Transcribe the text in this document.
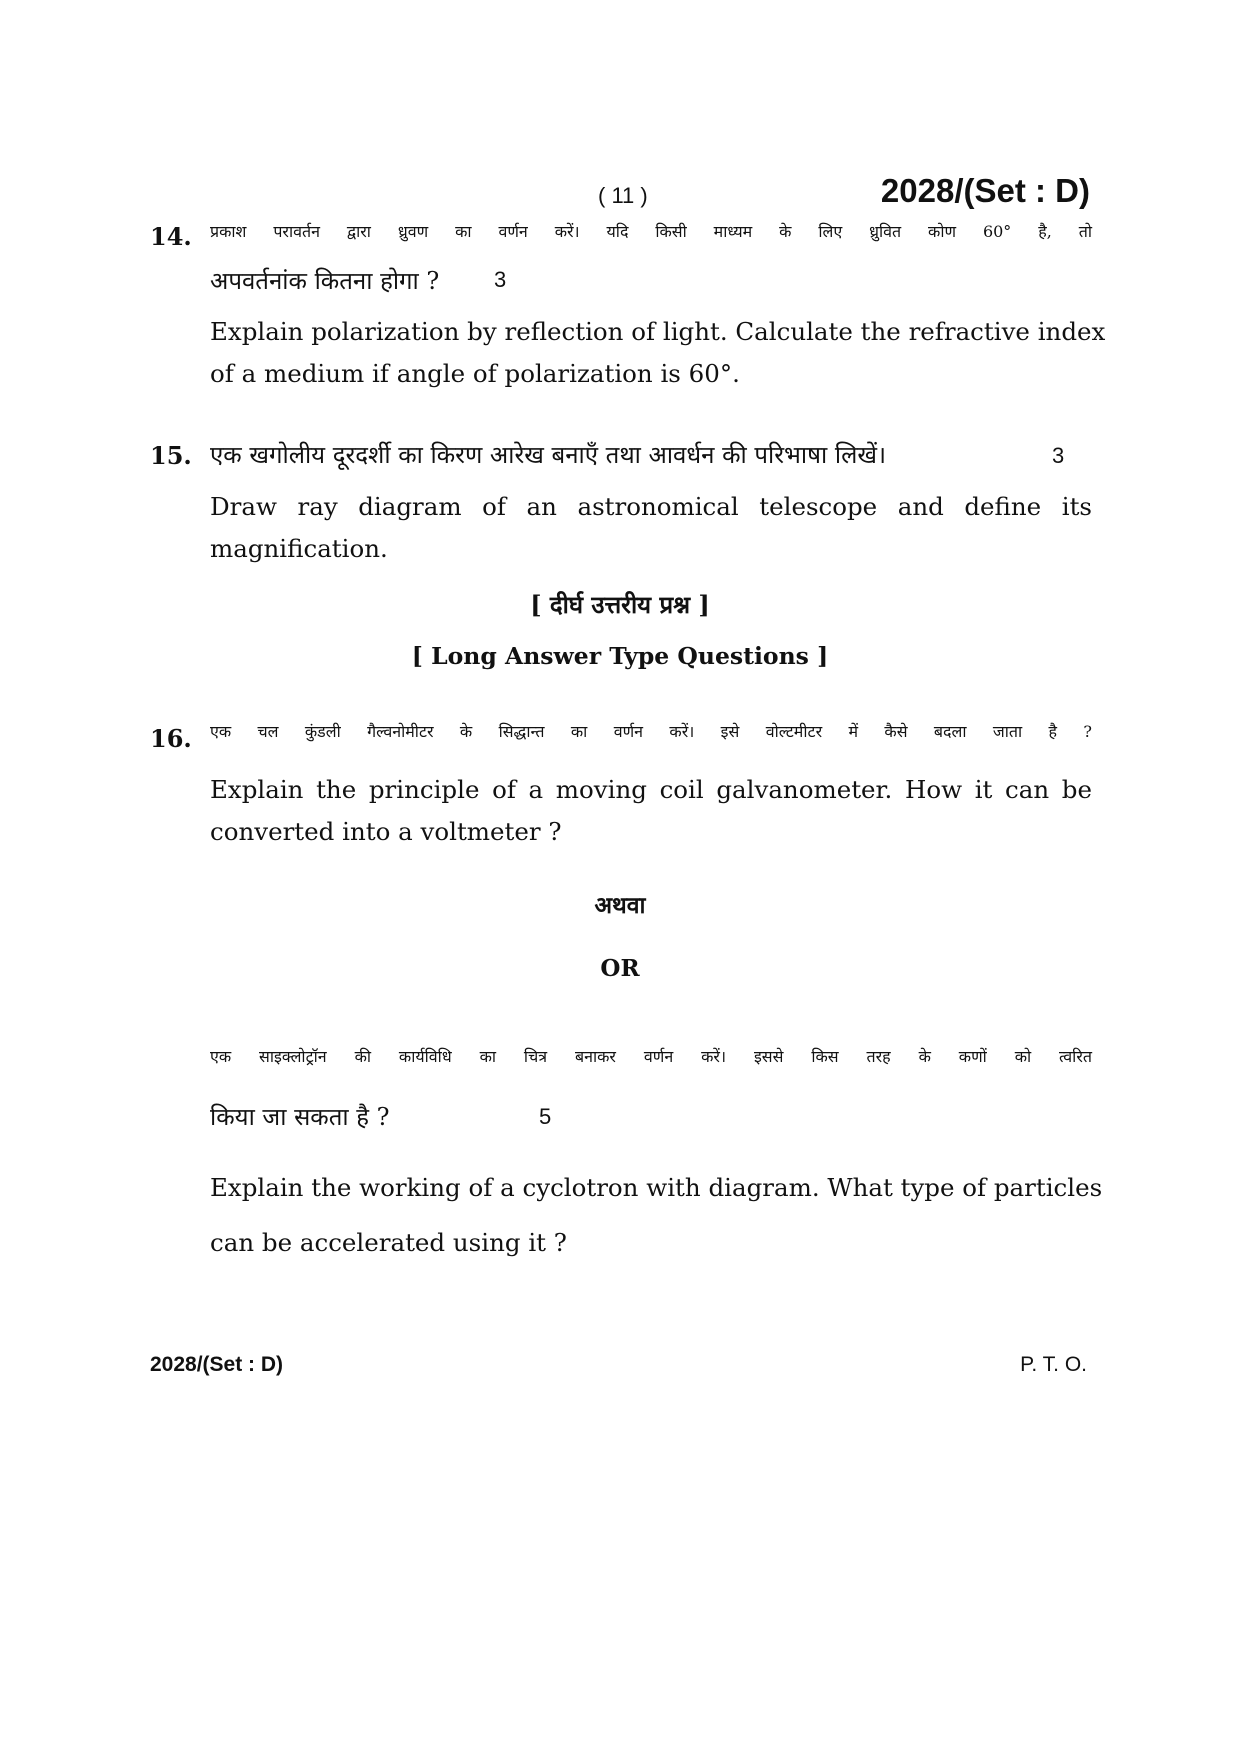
( 11 )	2028/(Set : D)
14. प्रकाश परावर्तन द्वारा ध्रुवण का वर्णन करें। यदि किसी माध्यम के लिए ध्रुवित कोण 60° है, तो
अपवर्तनांक कितना होगा ? 3
Explain polarization by reflection of light. Calculate the refractive index
of a medium if angle of polarization is 60°.
15. एक खगोलीय दूरदर्शी का किरण आरेख बनाएँ तथा आवर्धन की परिभाषा लिखें।	3
Draw ray diagram of an astronomical telescope and define its
magnification.
[ दीर्घ उत्तरीय प्रश्न ]
[ Long Answer Type Questions ]
16. एक चल कुंडली गैल्वनोमीटर के सिद्धान्त का वर्णन करें। इसे वोल्टमीटर में कैसे बदला जाता है ?
Explain the principle of a moving coil galvanometer. How it can be
converted into a voltmeter ?
अथवा
OR
एक साइक्लोट्रॉन की कार्यविधि का चित्र बनाकर वर्णन करें। इससे किस तरह के कणों को त्वरित
किया जा सकता है ?	5
Explain the working of a cyclotron with diagram. What type of particles
can be accelerated using it ?
2028/(Set : D)	P. T. O.
